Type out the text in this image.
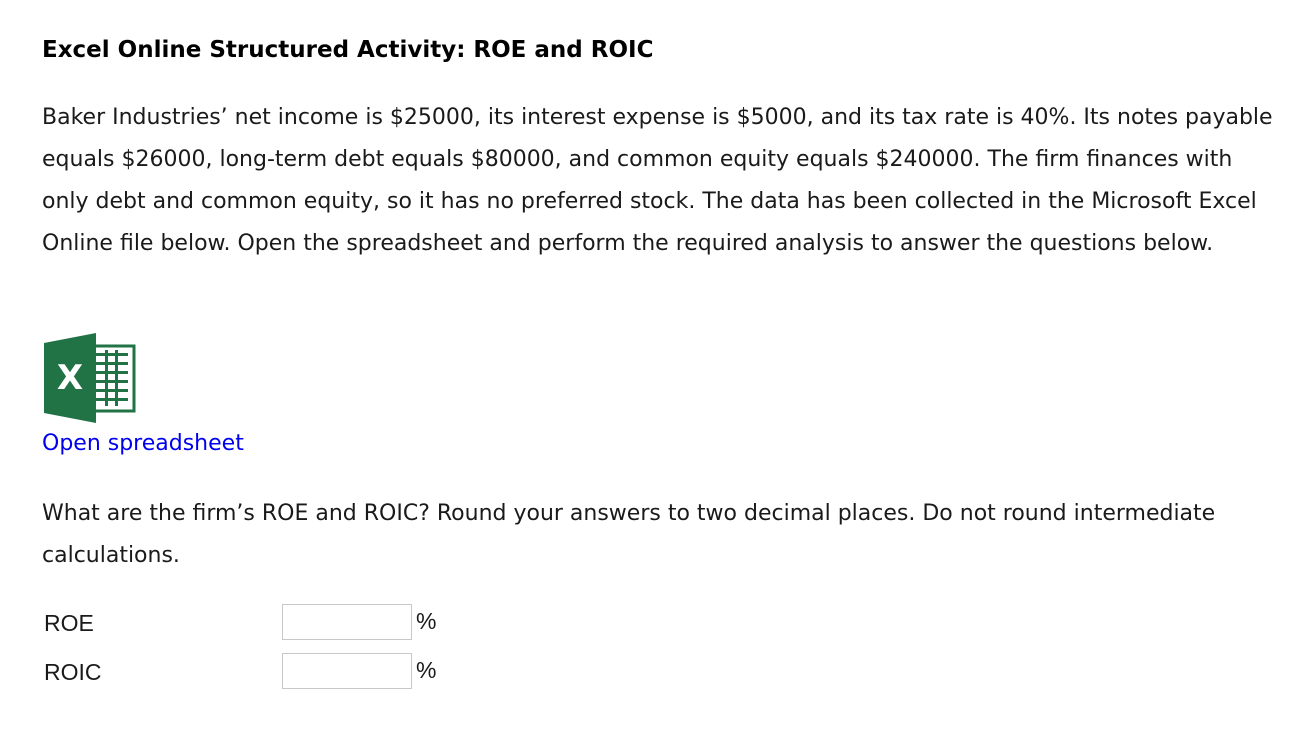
Excel Online Structured Activity: ROE and ROIC

Baker Industries’ net income is $25000, its interest expense is $5000, and its tax rate is 40%. Its notes payable equals $26000, long-term debt equals $80000, and common equity equals $240000. The firm finances with only debt and common equity, so it has no preferred stock. The data has been collected in the Microsoft Excel Online file below. Open the spreadsheet and perform the required analysis to answer the questions below.

X
Open spreadsheet

What are the firm’s ROE and ROIC? Round your answers to two decimal places. Do not round intermediate calculations.

ROE	%
ROIC	%
